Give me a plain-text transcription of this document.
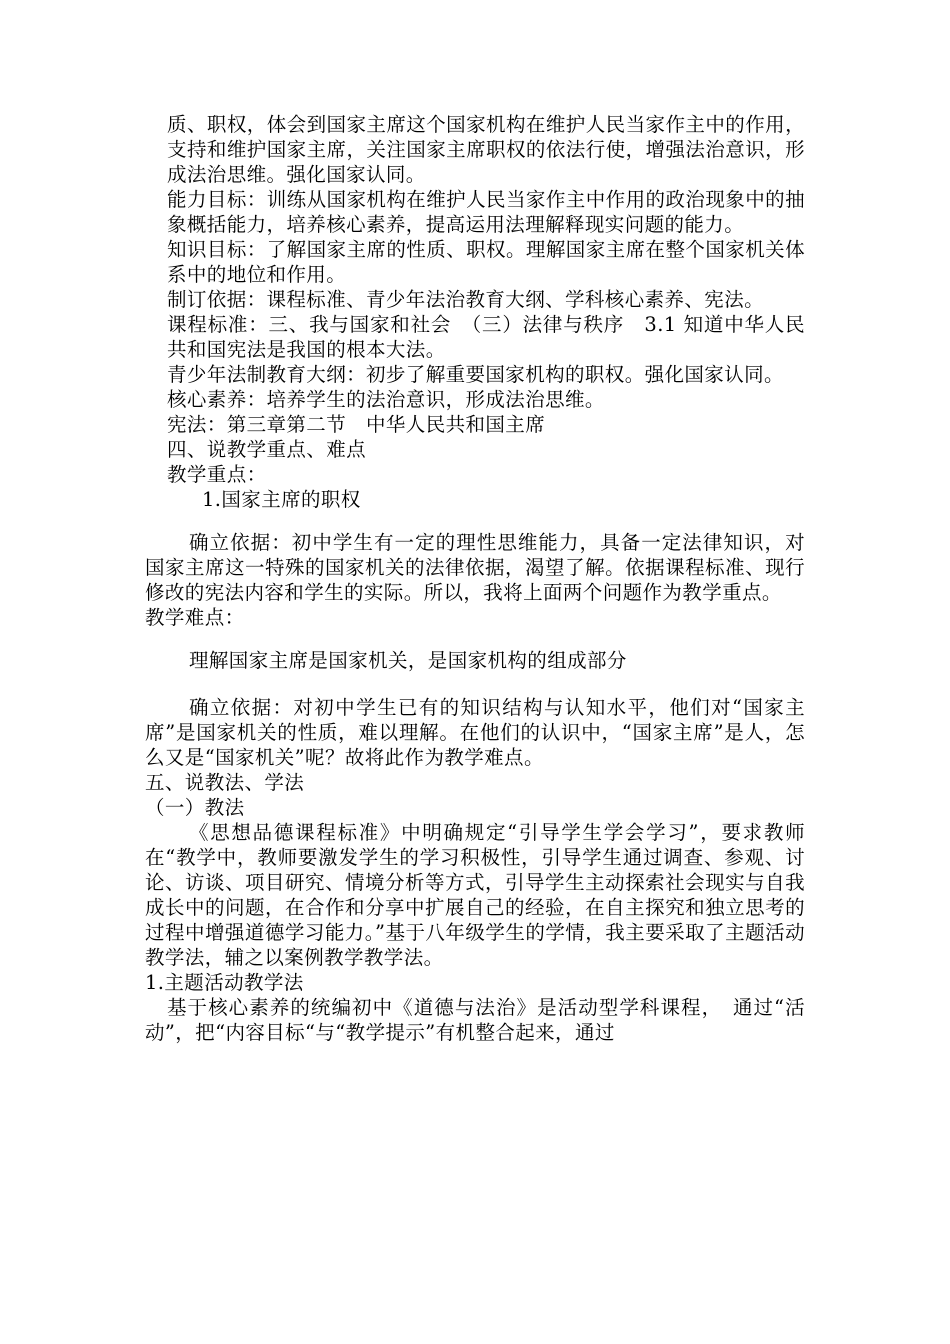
质、职权，体会到国家主席这个国家机构在维护人民当家作主中的作用，支持和维护国家主席，关注国家主席职权的依法行使，增强法治意识，形成法治思维。强化国家认同。

能力目标：训练从国家机构在维护人民当家作主中作用的政治现象中的抽象概括能力，培养核心素养，提高运用法理解释现实问题的能力。

知识目标：了解国家主席的性质、职权。理解国家主席在整个国家机关体系中的地位和作用。

制订依据：课程标准、青少年法治教育大纲、学科核心素养、宪法。

课程标准：三、我与国家和社会　（三）法律与秩序　3.1 知道中华人民共和国宪法是我国的根本大法。

青少年法制教育大纲：初步了解重要国家机构的职权。强化国家认同。

核心素养：培养学生的法治意识，形成法治思维。

宪法：第三章第二节　中华人民共和国主席

四、说教学重点、难点

教学重点：

1.国家主席的职权

确立依据：初中学生有一定的理性思维能力，具备一定法律知识，对国家主席这一特殊的国家机关的法律依据，渴望了解。依据课程标准、现行修改的宪法内容和学生的实际。所以，我将上面两个问题作为教学重点。

教学难点：

理解国家主席是国家机关，是国家机构的组成部分

确立依据：对初中学生已有的知识结构与认知水平，他们对“国家主席”是国家机关的性质，难以理解。在他们的认识中，“国家主席”是人，怎么又是“国家机关”呢？故将此作为教学难点。

五、说教法、学法

（一）教法

《思想品德课程标准》中明确规定“引导学生学会学习”，要求教师在“教学中，教师要激发学生的学习积极性，引导学生通过调查、参观、讨论、访谈、项目研究、情境分析等方式，引导学生主动探索社会现实与自我成长中的问题，在合作和分享中扩展自己的经验，在自主探究和独立思考的过程中增强道德学习能力。”基于八年级学生的学情，我主要采取了主题活动教学法，辅之以案例教学教学法。

1.主题活动教学法

基于核心素养的统编初中《道德与法治》是活动型学科课程，　通过“活动”，把“内容目标“与“教学提示”有机整合起来，通过
